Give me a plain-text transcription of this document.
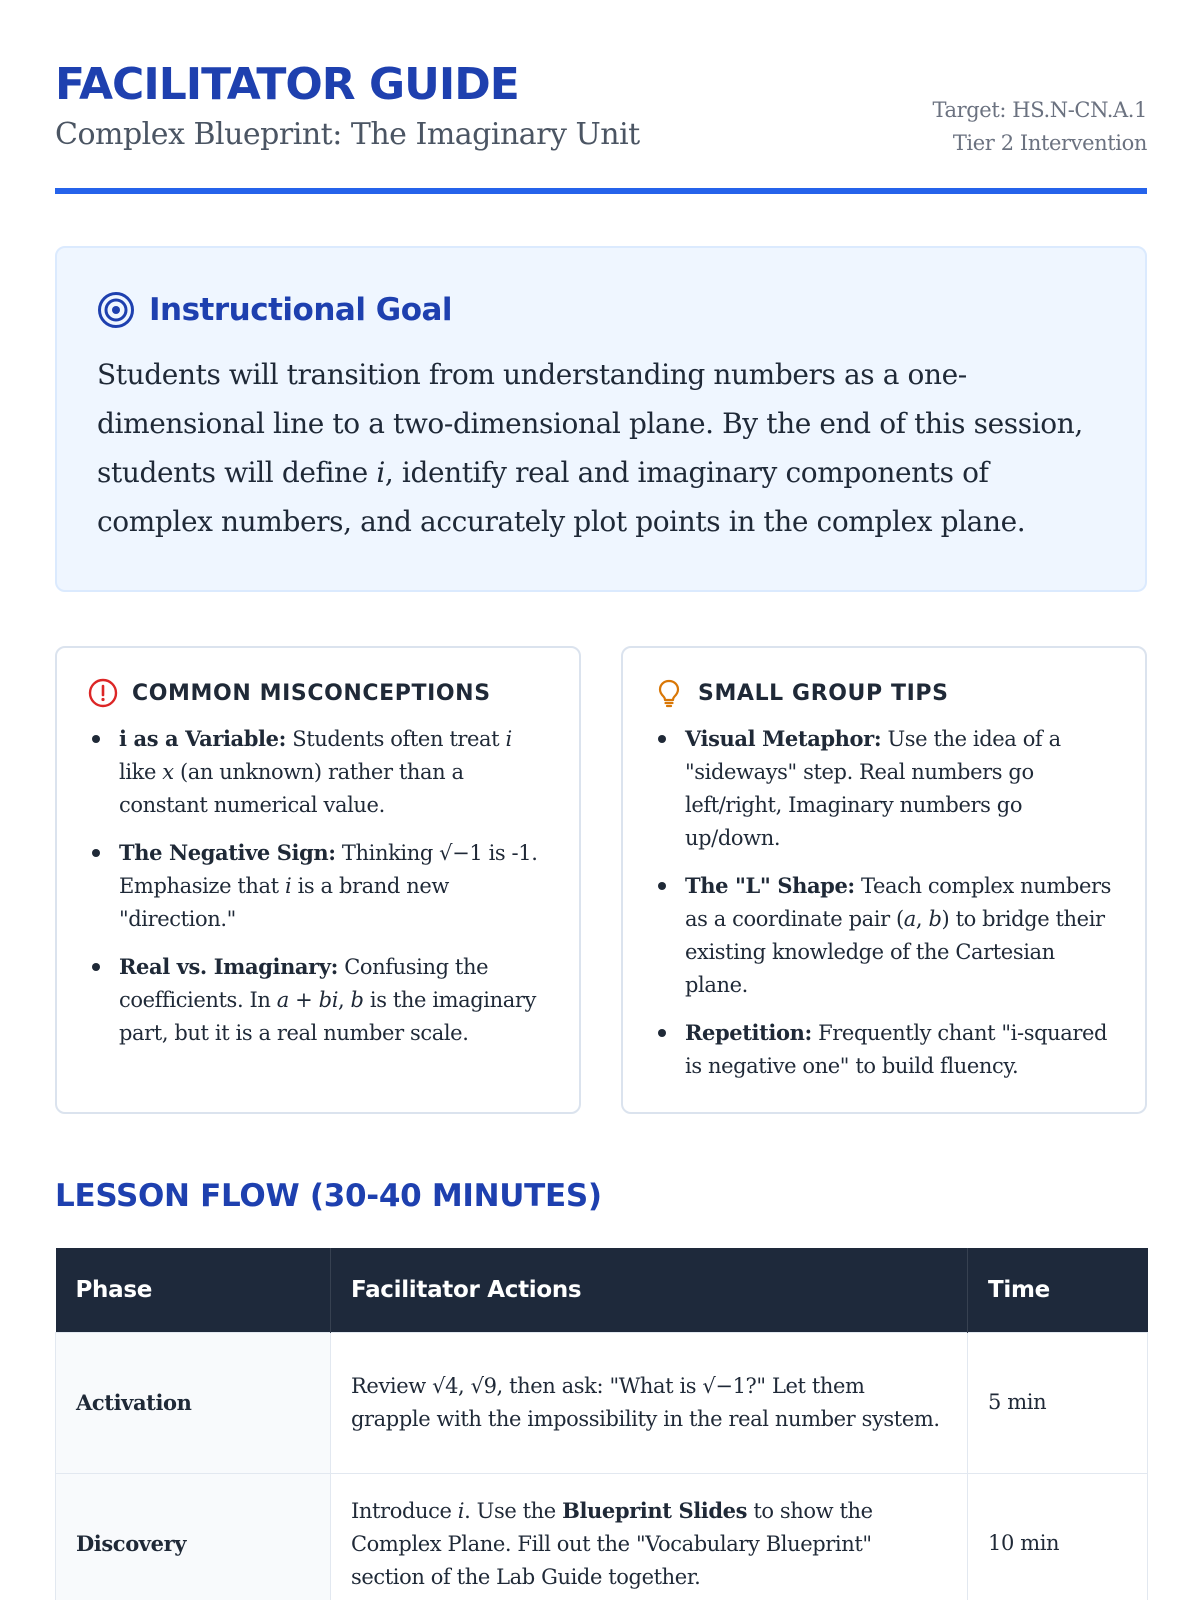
FACILITATOR GUIDE
Complex Blueprint: The Imaginary Unit
Target: HS.N-CN.A.1
Tier 2 Intervention
Instructional Goal

Students will transition from understanding numbers as a one-dimensional line to a two-dimensional plane. By the end of this session, students will define i, identify real and imaginary components of complex numbers, and accurately plot points in the complex plane.

COMMON MISCONCEPTIONS
i as a Variable: Students often treat 𝑖 like 𝑥 (an unknown) rather than a constant numerical value.
The Negative Sign: Thinking √−1 is -1. Emphasize that 𝑖 is a brand new "direction."
Real vs. Imaginary: Confusing the coefficients. In 𝑎 + 𝑏𝑖, 𝑏 is the imaginary part, but it is a real number scale.
SMALL GROUP TIPS
Visual Metaphor: Use the idea of a "sideways" step. Real numbers go left/right, Imaginary numbers go up/down.
The "L" Shape: Teach complex numbers as a coordinate pair (𝑎, 𝑏) to bridge their existing knowledge of the Cartesian plane.
Repetition: Frequently chant "i-squared is negative one" to build fluency.
LESSON FLOW (30-40 MINUTES)
Phase	Facilitator Actions	Time
Activation	Review √4, √9, then ask: "What is √−1?" Let them grapple with the impossibility in the real number system.	5 min
Discovery	Introduce 𝑖. Use the Blueprint Slides to show the Complex Plane. Fill out the "Vocabulary Blueprint" section of the Lab Guide together.	10 min
